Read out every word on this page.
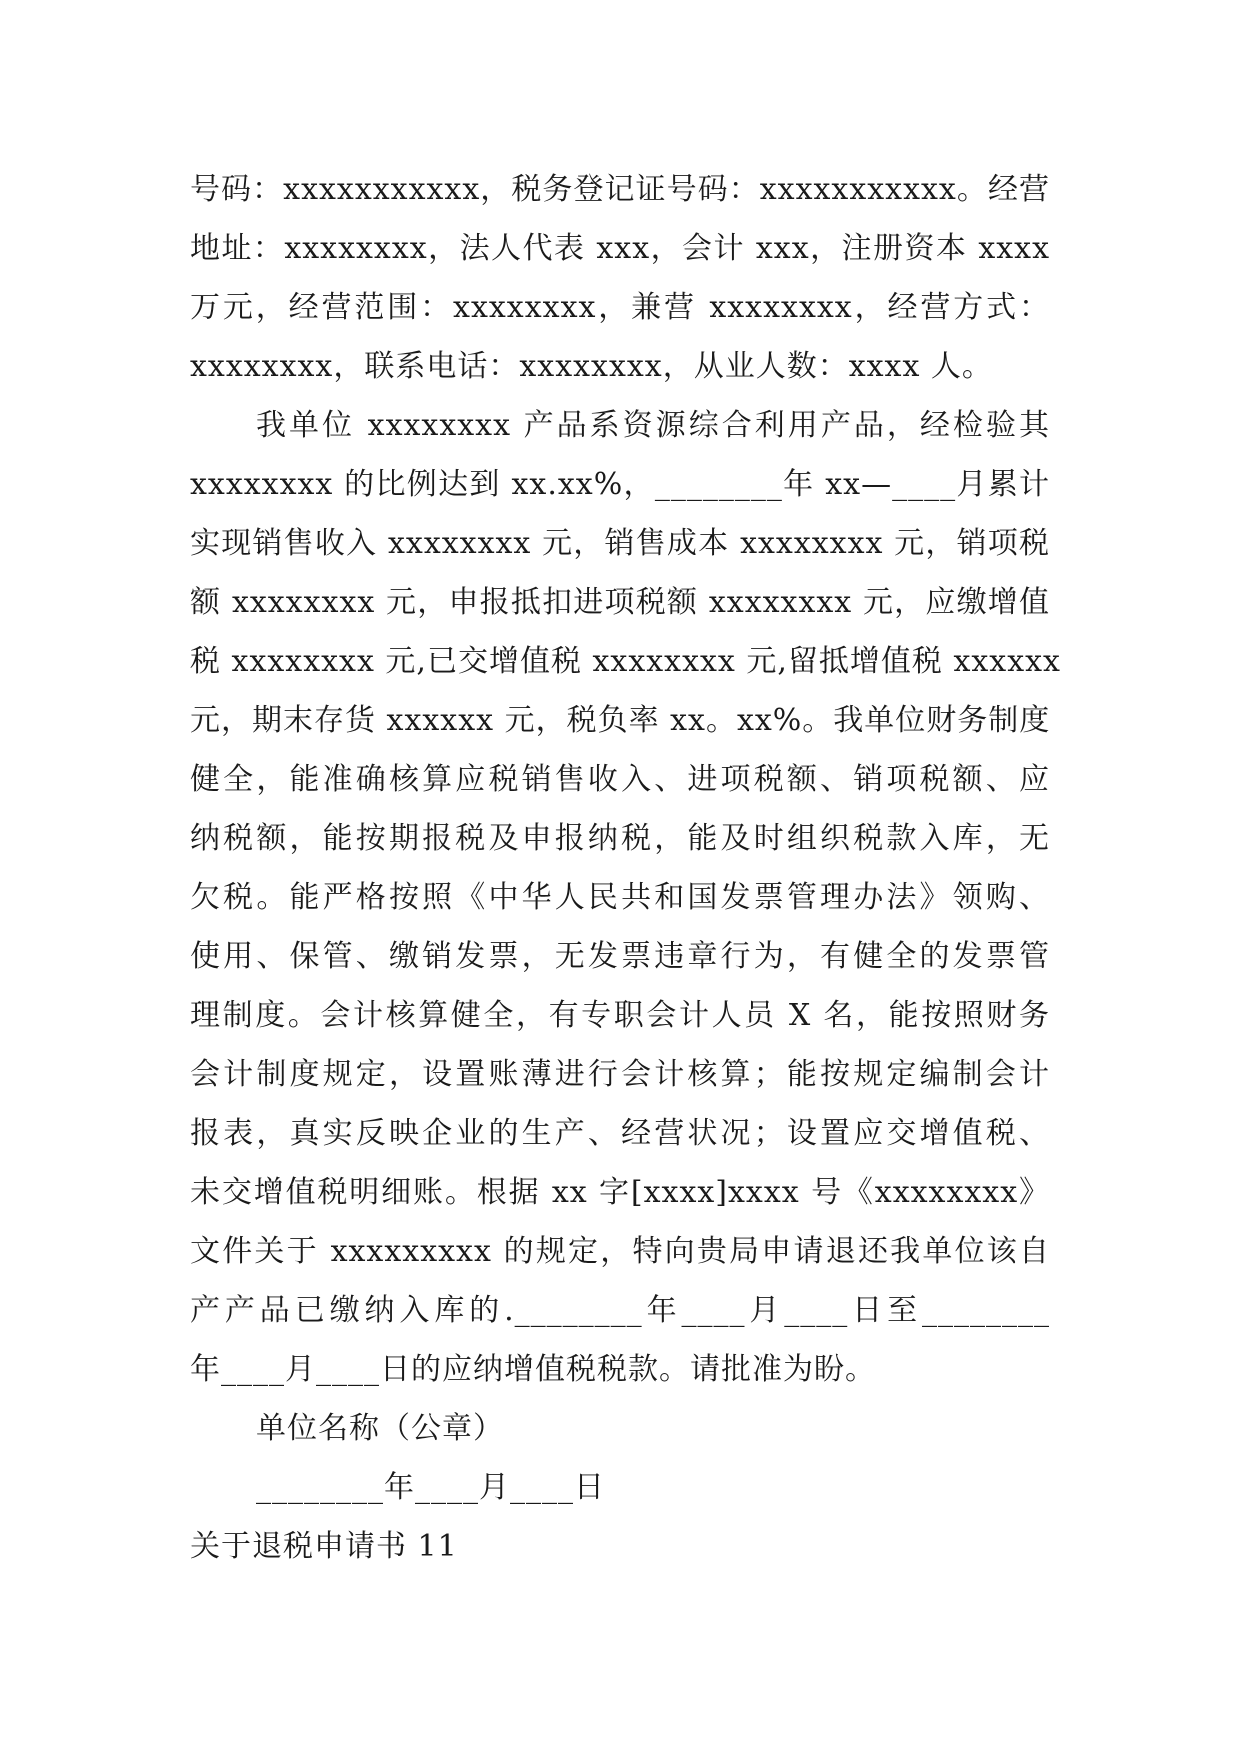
号码：xxxxxxxxxxx，税务登记证号码：xxxxxxxxxxx。经营
地址：xxxxxxxx，法人代表 xxx，会计 xxx，注册资本 xxxx
万元，经营范围：xxxxxxxx，兼营 xxxxxxxx，经营方式：
xxxxxxxx，联系电话：xxxxxxxx，从业人数：xxxx 人。
我单位 xxxxxxxx 产品系资源综合利用产品，经检验其
xxxxxxxx 的比例达到 xx.xx%，________年 xx—____月累计
实现销售收入 xxxxxxxx 元，销售成本 xxxxxxxx 元，销项税
额 xxxxxxxx 元，申报抵扣进项税额 xxxxxxxx 元，应缴增值
税 xxxxxxxx 元,已交增值税 xxxxxxxx 元,留抵增值税 xxxxxx
元，期末存货 xxxxxx 元，税负率 xx。xx%。我单位财务制度
健全，能准确核算应税销售收入、进项税额、销项税额、应
纳税额，能按期报税及申报纳税，能及时组织税款入库，无
欠税。能严格按照《中华人民共和国发票管理办法》领购、
使用、保管、缴销发票，无发票违章行为，有健全的发票管
理制度。会计核算健全，有专职会计人员 X 名，能按照财务
会计制度规定，设置账薄进行会计核算；能按规定编制会计
报表，真实反映企业的生产、经营状况；设置应交增值税、
未交增值税明细账。根据 xx 字[xxxx]xxxx 号《xxxxxxxx》
文件关于 xxxxxxxxx 的规定，特向贵局申请退还我单位该自
产产品已缴纳入库的.________年____月____日至________
年____月____日的应纳增值税税款。请批准为盼。
单位名称（公章）
________年____月____日
关于退税申请书 11
